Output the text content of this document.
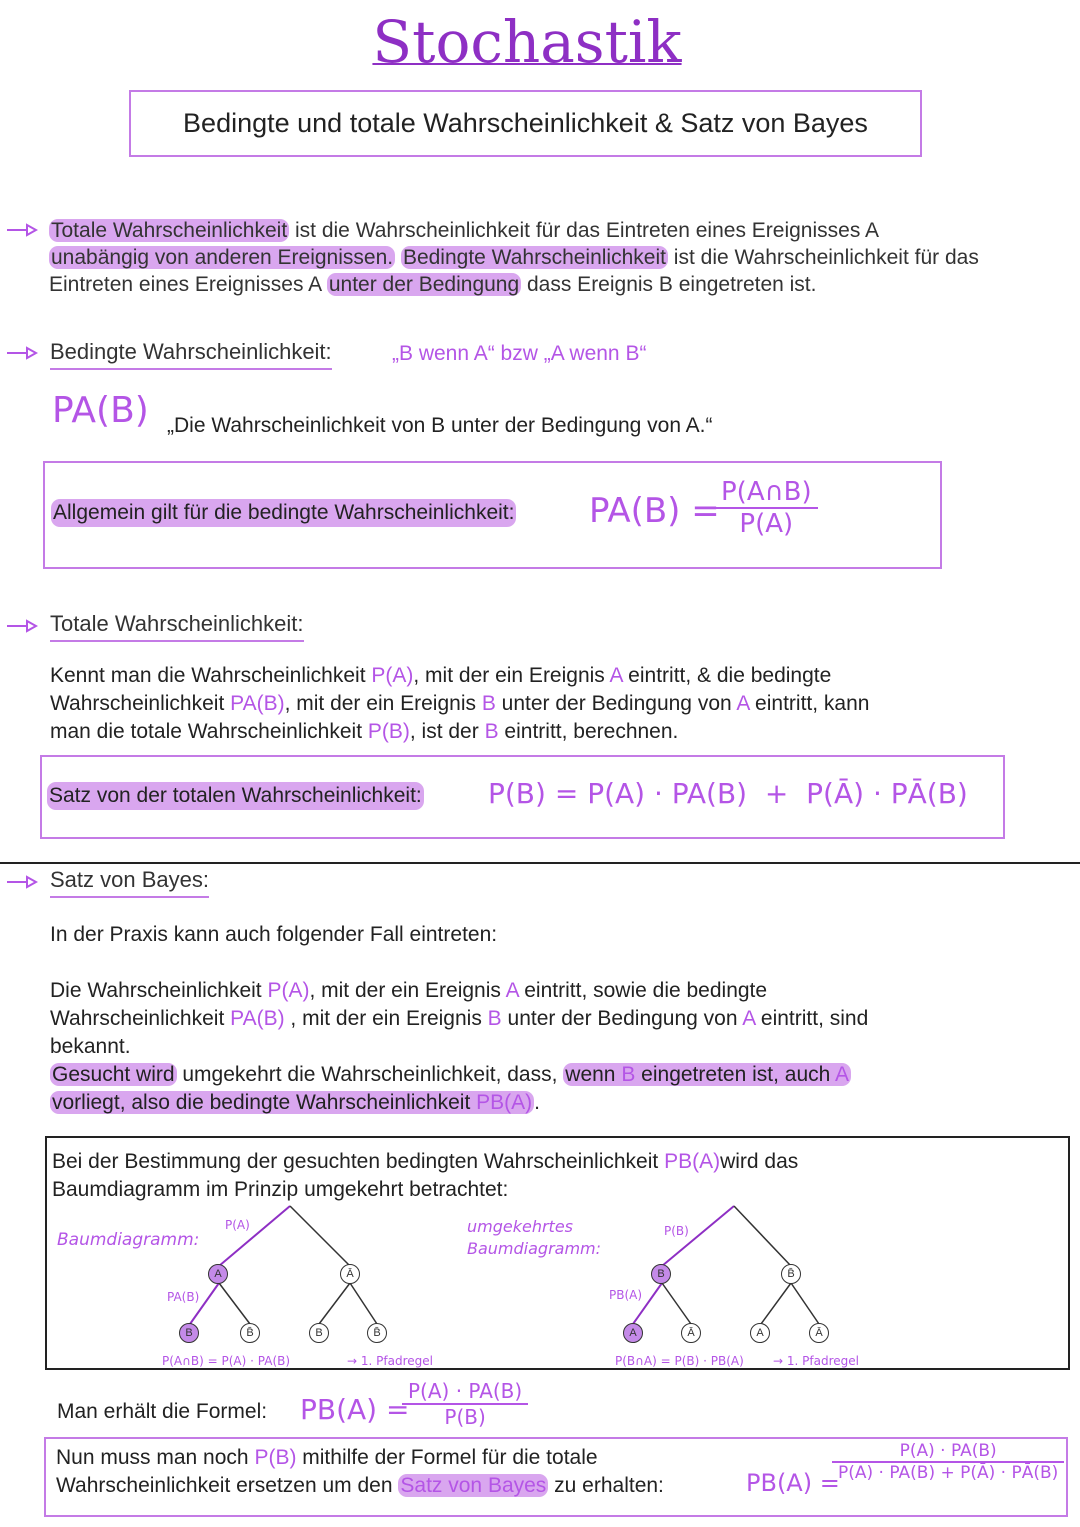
Stochastik
Bedingte und totale Wahrscheinlichkeit & Satz von Bayes
Totale Wahrscheinlichkeit ist die Wahrscheinlichkeit für das Eintreten eines Ereignisses A
unabängig von anderen Ereignissen. Bedingte Wahrscheinlichkeit ist die Wahrscheinlichkeit für das
Eintreten eines Ereignisses A unter der Bedingung dass Ereignis B eingetreten ist.
Bedingte Wahrscheinlichkeit:	„B wenn A“ bzw „A wenn B“
PA(B) „Die Wahrscheinlichkeit von B unter der Bedingung von A.“
Allgemein gilt für die bedingte Wahrscheinlichkeit: PA(B) =
$\frac{P(A\cap B)}{P(A)}$
Totale Wahrscheinlichkeit:
Kennt man die Wahrscheinlichkeit P(A), mit der ein Ereignis A eintritt, & die bedingte
Wahrscheinlichkeit PA(B), mit der ein Ereignis B unter der Bedingung von A eintritt, kann
man die totale Wahrscheinlichkeit P(B), ist der B eintritt, berechnen.
Satz von der totalen Wahrscheinlichkeit: P(B) = P(A) · PA(B)  +  P(Ā) · PĀ(B)
Satz von Bayes:
In der Praxis kann auch folgender Fall eintreten:
Die Wahrscheinlichkeit P(A), mit der ein Ereignis A eintritt, sowie die bedingte
Wahrscheinlichkeit PA(B) , mit der ein Ereignis B unter der Bedingung von A eintritt, sind
bekannt.
Gesucht wird umgekehrt die Wahrscheinlichkeit, dass, wenn B eingetreten ist, auch A
vorliegt, also die bedingte Wahrscheinlichkeit PB(A).
Bei der Bestimmung der gesuchten bedingten Wahrscheinlichkeit PB(A)wird das
Baumdiagramm im Prinzip umgekehrt betrachtet:
Baumdiagramm:
P(A)
PA(B)
A	Ā
B	B̄	B	B̄
P(A∩B) = P(A) · PA(B)	→ 1. Pfadregel
umgekehrtes
Baumdiagramm:
P(B)
PB(A)
B	B̄
A	Ā	A	Ā
P(B∩A) = P(B) · PB(A) → 1. Pfadregel
Man erhält die Formel: PB(A) =
$\frac{P(A) \cdot PA(B)}{P(B)}$
Nun muss man noch P(B) mithilfe der Formel für die totale
Wahrscheinlichkeit ersetzen um den Satz von Bayes zu erhalten:	PB(A) =
$\frac{P(A) \cdot PA(B)}{P(A) \cdot PA(B) + P(Ā) \cdot PĀ(B)}$
